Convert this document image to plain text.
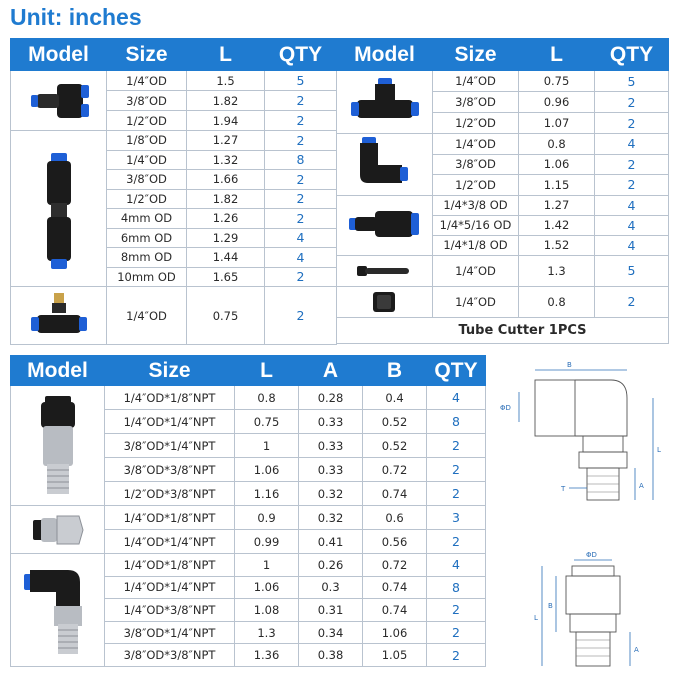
Unit: inches
Model	Size	L	QTY

	1/4″OD	1.5	5
	3/8″OD	1.82	2
	1/2″OD	1.94	2

	1/8″OD	1.27	2
	1/4″OD	1.32	8
	3/8″OD	1.66	2
	1/2″OD	1.82	2
	4mm OD	1.26	2
	6mm OD	1.29	4
	8mm OD	1.44	4
	10mm OD	1.65	2

	1/4″OD	0.75	2
Model	Size	L	QTY

	1/4″OD	0.75	5
	3/8″OD	0.96	2
	1/2″OD	1.07	2

	1/4″OD	0.8	4
	3/8″OD	1.06	2
	1/2″OD	1.15	2

	1/4*3/8 OD	1.27	4
	1/4*5/16 OD	1.42	4
	1/4*1/8 OD	1.52	4

	1/4″OD	1.3	5

	1/4″OD	0.8	2
Tube Cutter 1PCS			
Model	Size	L	A	B	QTY

	1/4″OD*1/8″NPT	0.8	0.28	0.4	4
	1/4″OD*1/4″NPT	0.75	0.33	0.52	8
	3/8″OD*1/4″NPT	1	0.33	0.52	2
	3/8″OD*3/8″NPT	1.06	0.33	0.72	2
	1/2″OD*3/8″NPT	1.16	0.32	0.74	2

	1/4″OD*1/8″NPT	0.9	0.32	0.6	3
	1/4″OD*1/4″NPT	0.99	0.41	0.56	2

	1/4″OD*1/8″NPT	1	0.26	0.72	4
	1/4″OD*1/4″NPT	1.06	0.3	0.74	8
	1/4″OD*3/8″NPT	1.08	0.31	0.74	2
	3/8″OD*1/4″NPT	1.3	0.34	1.06	2
	3/8″OD*3/8″NPT	1.36	0.38	1.05	2
B
ΦD
L
A
T
ΦD
L
B
A
